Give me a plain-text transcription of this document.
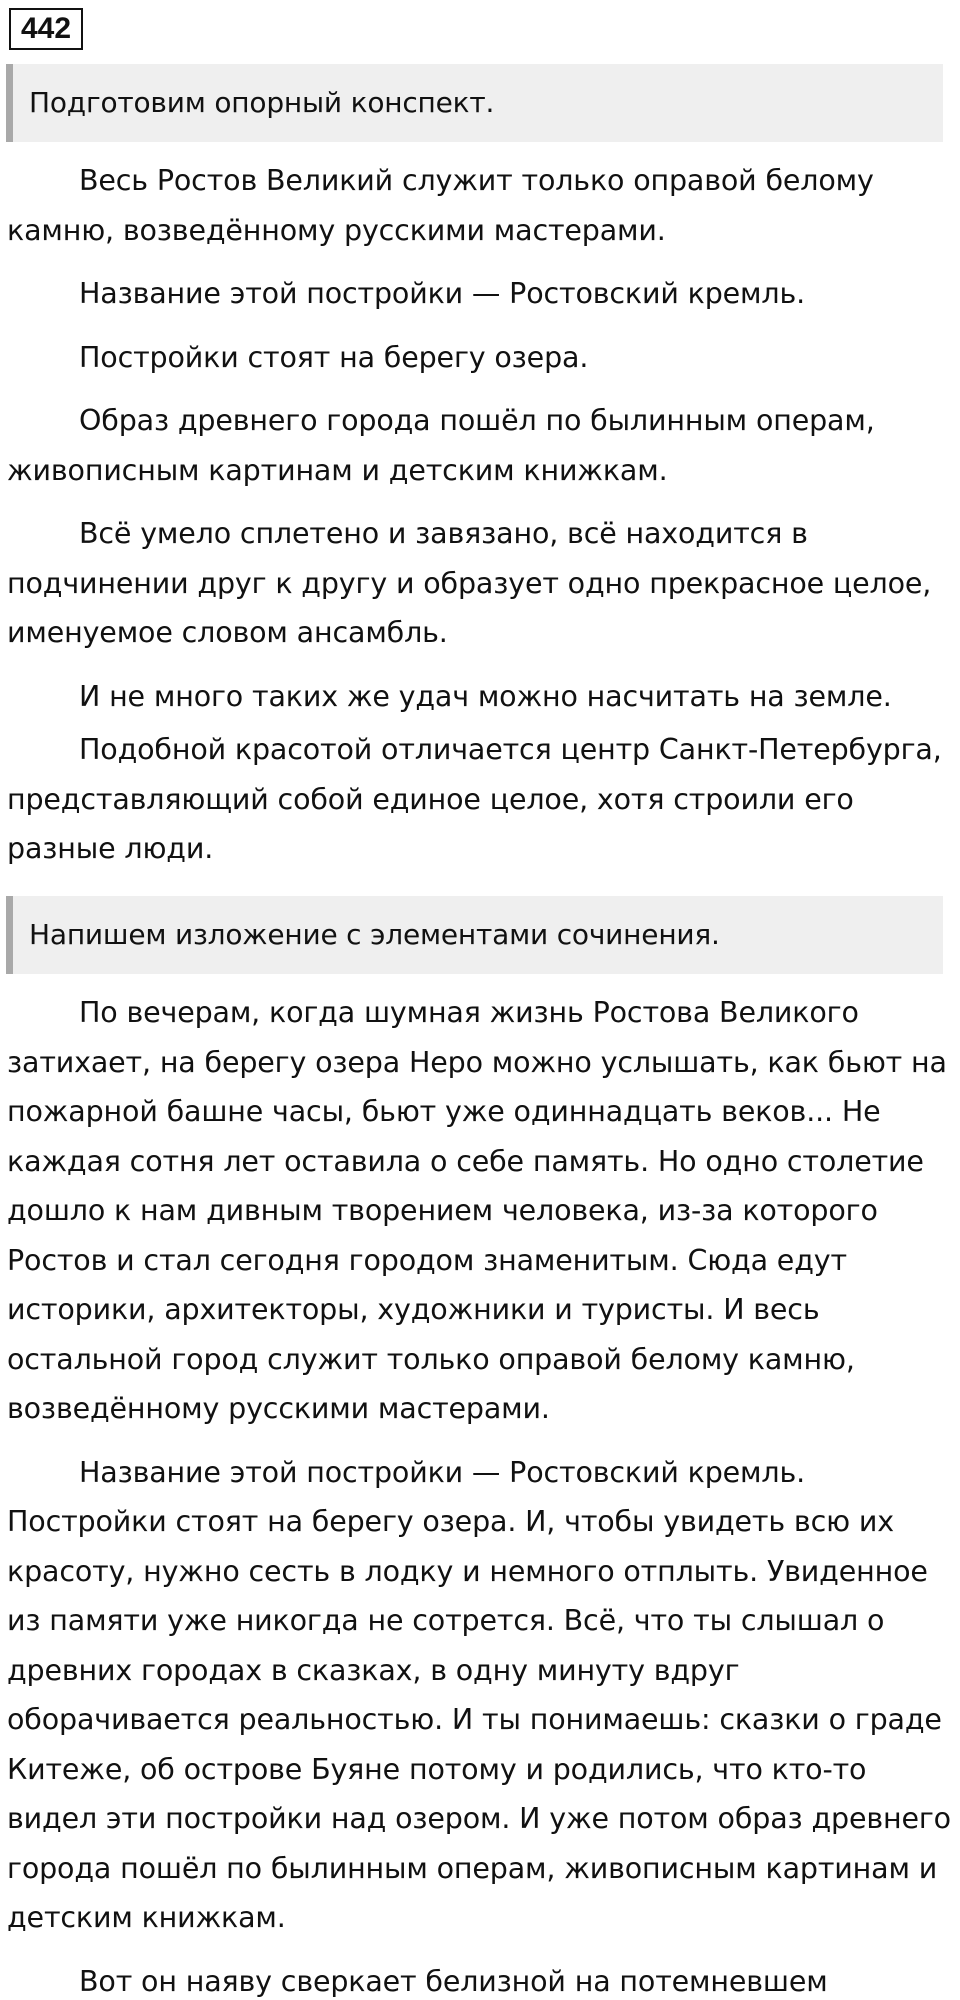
442
Подготовим опорный конспект.

Весь Ростов Великий служит только оправой белому камню, возведённому русскими мастерами.

Название этой постройки — Ростовский кремль.

Постройки стоят на берегу озера.

Образ древнего города пошёл по былинным операм, живописным картинам и детским книжкам.

Всё умело сплетено и завязано, всё находится в подчинении друг к другу и образует одно прекрасное целое, именуемое словом ансамбль.

И не много таких же удач можно насчитать на земле.

Подобной красотой отличается центр Санкт-Петербурга, представляющий собой единое целое, хотя строили его разные люди.

Напишем изложение с элементами сочинения.

По вечерам, когда шумная жизнь Ростова Великого затихает, на берегу озера Неро можно услышать, как бьют на пожарной башне часы, бьют уже одиннадцать веков... Не каждая сотня лет оставила о себе память. Но одно столетие дошло к нам дивным творением человека, из-за которого Ростов и стал сегодня городом знаменитым. Сюда едут историки, архитекторы, художники и туристы. И весь остальной город служит только оправой белому камню, возведённому русскими мастерами.

Название этой постройки — Ростовский кремль. Постройки стоят на берегу озера. И, чтобы увидеть всю их красоту, нужно сесть в лодку и немного отплыть. Увиденное из памяти уже никогда не сотрется. Всё, что ты слышал о древних городах в сказках, в одну минуту вдруг оборачивается реальностью. И ты понимаешь: сказки о граде Китеже, об острове Буяне потому и родились, что кто-то видел эти постройки над озером. И уже потом образ древнего города пошёл по былинным операм, живописным картинам и детским книжкам.

Вот он наяву сверкает белизной на потемневшем
